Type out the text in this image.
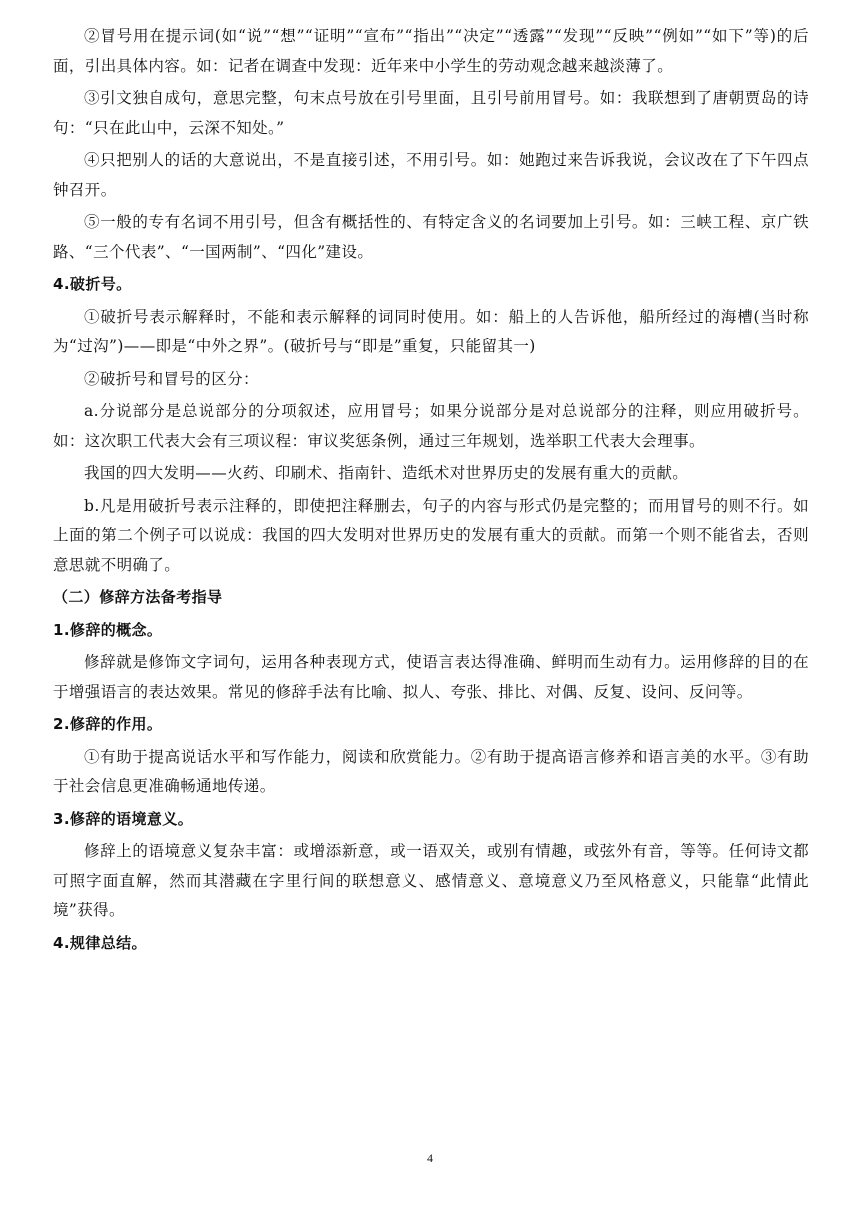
②冒号用在提示词(如“说”“想”“证明”“宣布”“指出”“决定”“透露”“发现”“反映”“例如”“如下”等)的后面，引出具体内容。如：记者在调查中发现：近年来中小学生的劳动观念越来越淡薄了。

③引文独自成句，意思完整，句末点号放在引号里面，且引号前用冒号。如：我联想到了唐朝贾岛的诗句：“只在此山中，云深不知处。”

④只把别人的话的大意说出，不是直接引述，不用引号。如：她跑过来告诉我说，会议改在了下午四点钟召开。

⑤一般的专有名词不用引号，但含有概括性的、有特定含义的名词要加上引号。如：三峡工程、京广铁路、“三个代表”、“一国两制”、“四化”建设。

4.破折号。

①破折号表示解释时，不能和表示解释的词同时使用。如：船上的人告诉他，船所经过的海槽(当时称为“过沟”)——即是“中外之界”。(破折号与“即是”重复，只能留其一)

②破折号和冒号的区分：

a.分说部分是总说部分的分项叙述，应用冒号；如果分说部分是对总说部分的注释，则应用破折号。如：这次职工代表大会有三项议程：审议奖惩条例，通过三年规划，选举职工代表大会理事。

我国的四大发明——火药、印刷术、指南针、造纸术对世界历史的发展有重大的贡献。

b.凡是用破折号表示注释的，即使把注释删去，句子的内容与形式仍是完整的；而用冒号的则不行。如上面的第二个例子可以说成：我国的四大发明对世界历史的发展有重大的贡献。而第一个则不能省去，否则意思就不明确了。

（二）修辞方法备考指导

1.修辞的概念。

修辞就是修饰文字词句，运用各种表现方式，使语言表达得准确、鲜明而生动有力。运用修辞的目的在于增强语言的表达效果。常见的修辞手法有比喻、拟人、夸张、排比、对偶、反复、设问、反问等。

2.修辞的作用。

①有助于提高说话水平和写作能力，阅读和欣赏能力。②有助于提高语言修养和语言美的水平。③有助于社会信息更准确畅通地传递。

3.修辞的语境意义。

修辞上的语境意义复杂丰富：或增添新意，或一语双关，或别有情趣，或弦外有音，等等。任何诗文都可照字面直解，然而其潜藏在字里行间的联想意义、感情意义、意境意义乃至风格意义，只能靠“此情此境”获得。

4.规律总结。

4
